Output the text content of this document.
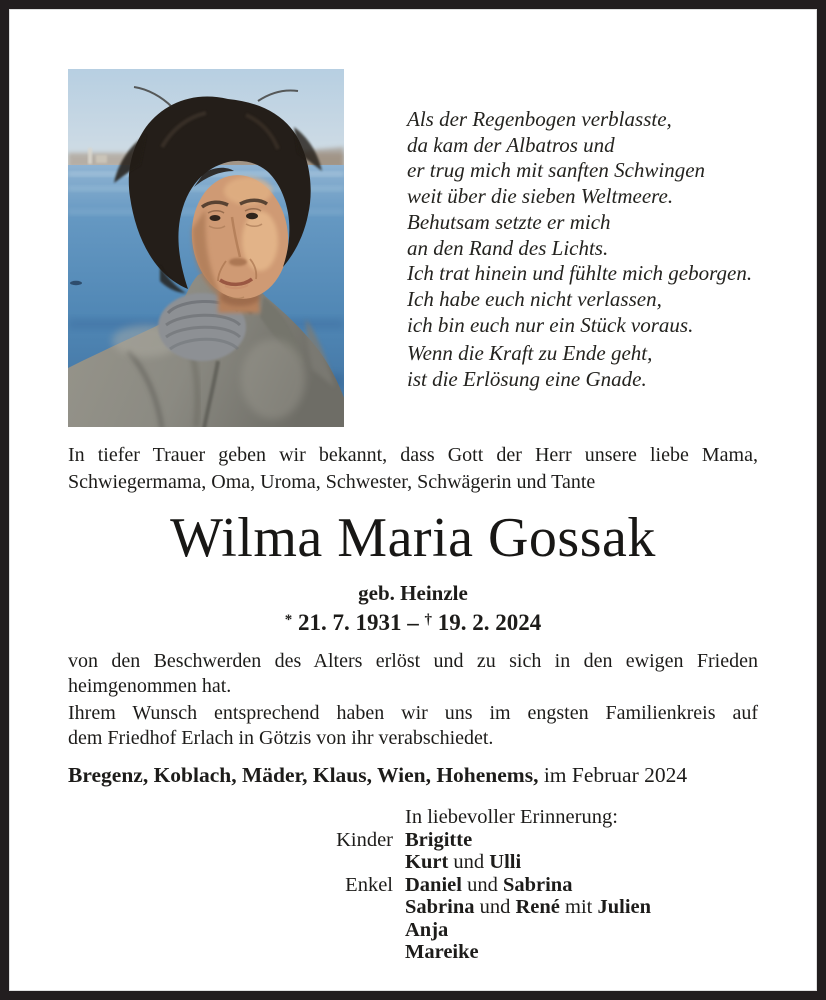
Als der Regenbogen verblasste,
da kam der Albatros und
er trug mich mit sanften Schwingen
weit über die sieben Weltmeere.
Behutsam setzte er mich
an den Rand des Lichts.
Ich trat hinein und fühlte mich geborgen.
Ich habe euch nicht verlassen,
ich bin euch nur ein Stück voraus.
Wenn die Kraft zu Ende geht,
ist die Erlösung eine Gnade.
In tiefer Trauer geben wir bekannt, dass Gott der Herr unsere liebe Mama,
Schwiegermama, Oma, Uroma, Schwester, Schwägerin und Tante
Wilma Maria Gossak
geb. Heinzle
* 21. 7. 1931 – † 19. 2. 2024
von den Beschwerden des Alters erlöst und zu sich in den ewigen Frieden
heimgenommen hat.
Ihrem Wunsch entsprechend haben wir uns im engsten Familienkreis auf
dem Friedhof Erlach in Götzis von ihr verabschiedet.
Bregenz, Koblach, Mäder, Klaus, Wien, Hohenems, im Februar 2024
In liebevoller Erinnerung:
Kinder Brigitte
Kurt und Ulli
Enkel Daniel und Sabrina
Sabrina und René mit Julien
Anja
Mareike
